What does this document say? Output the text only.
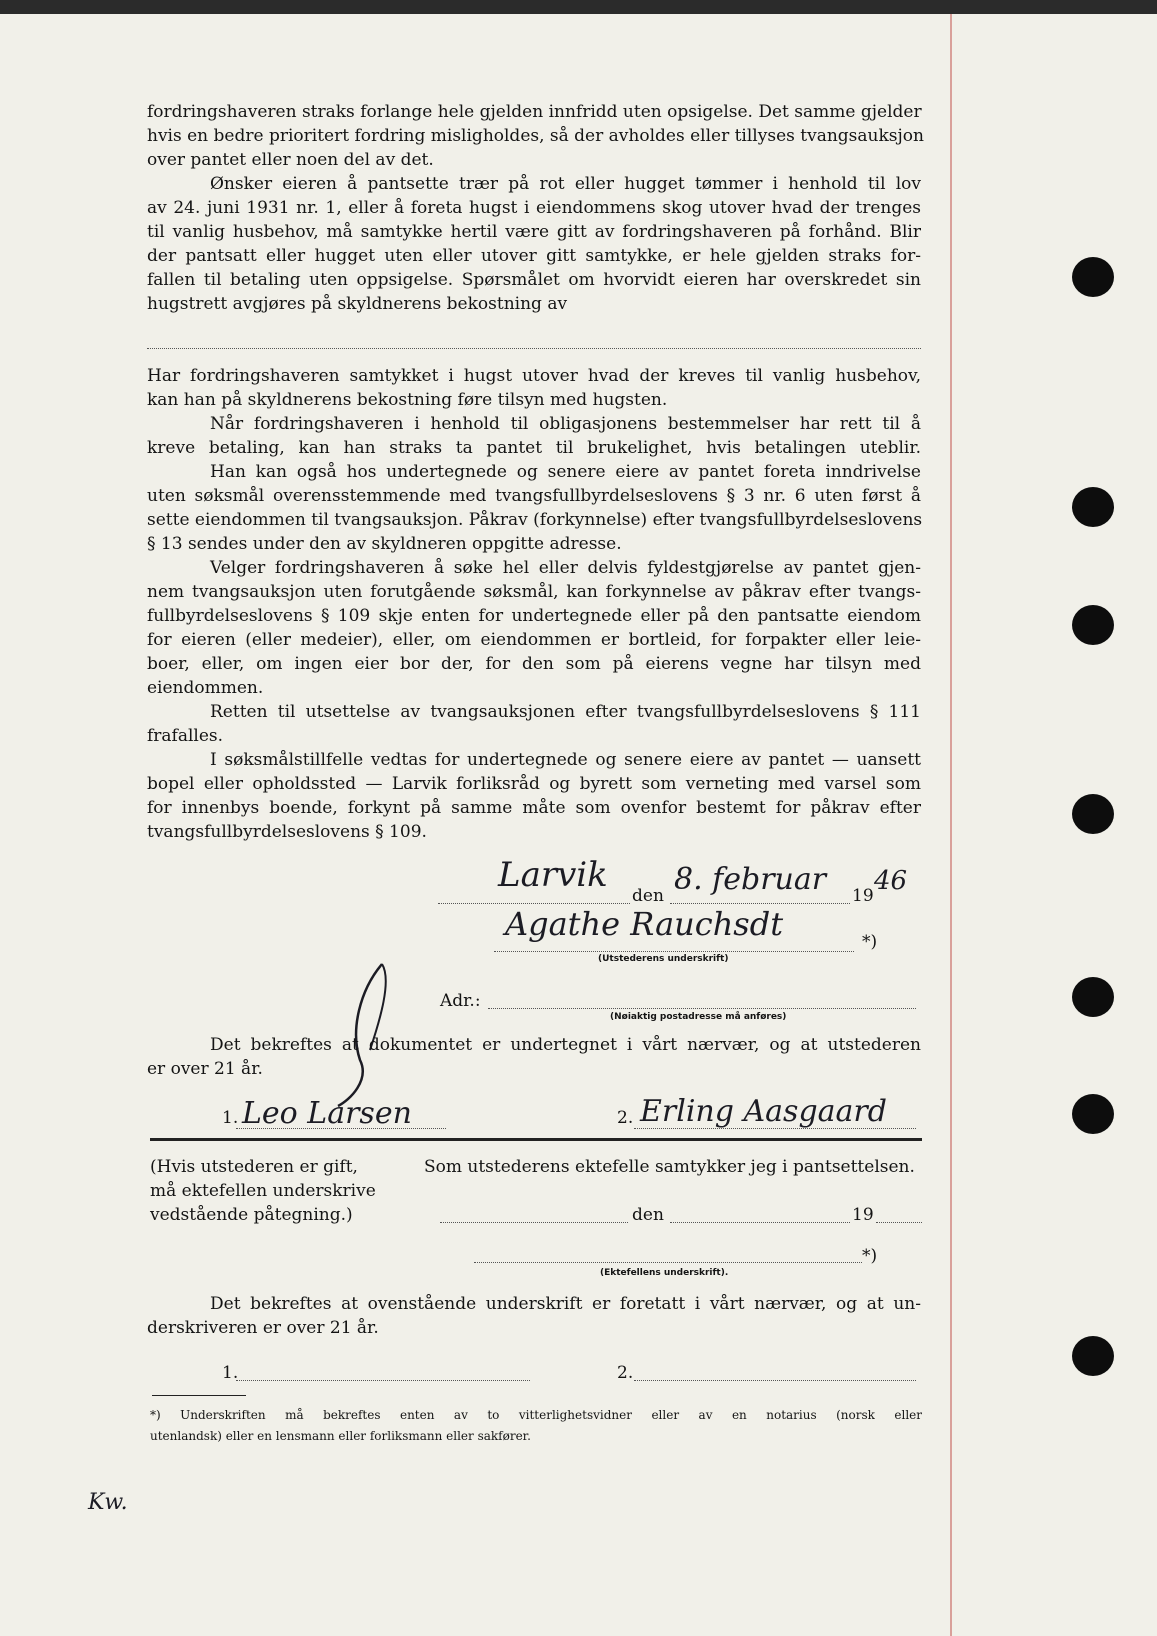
fordringshaveren straks forlange hele gjelden innfridd uten opsigelse. Det samme gjelder
hvis en bedre prioritert fordring misligholdes, så der avholdes eller tillyses tvangsauksjon
over pantet eller noen del av det.
Ønsker eieren å pantsette trær på rot eller hugget tømmer i henhold til lov
av 24. juni 1931 nr. 1, eller å foreta hugst i eiendommens skog utover hvad der trenges
til vanlig husbehov, må samtykke hertil være gitt av fordringshaveren på forhånd. Blir
der pantsatt eller hugget uten eller utover gitt samtykke, er hele gjelden straks for-
fallen til betaling uten oppsigelse. Spørsmålet om hvorvidt eieren har overskredet sin
hugstrett avgjøres på skyldnerens bekostning av
Har fordringshaveren samtykket i hugst utover hvad der kreves til vanlig husbehov,
kan han på skyldnerens bekostning føre tilsyn med hugsten.
Når fordringshaveren i henhold til obligasjonens bestemmelser har rett til å
kreve betaling, kan han straks ta pantet til brukelighet, hvis betalingen uteblir.
Han kan også hos undertegnede og senere eiere av pantet foreta inndrivelse
uten søksmål overensstemmende med tvangsfullbyrdelseslovens § 3 nr. 6 uten først å
sette eiendommen til tvangsauksjon. Påkrav (forkynnelse) efter tvangsfullbyrdelseslovens
§ 13 sendes under den av skyldneren oppgitte adresse.
Velger fordringshaveren å søke hel eller delvis fyldestgjørelse av pantet gjen-
nem tvangsauksjon uten forutgående søksmål, kan forkynnelse av påkrav efter tvangs-
fullbyrdelseslovens § 109 skje enten for undertegnede eller på den pantsatte eiendom
for eieren (eller medeier), eller, om eiendommen er bortleid, for forpakter eller leie-
boer, eller, om ingen eier bor der, for den som på eierens vegne har tilsyn med
eiendommen.
Retten til utsettelse av tvangsauksjonen efter tvangsfullbyrdelseslovens § 111
frafalles.
I søksmålstillfelle vedtas for undertegnede og senere eiere av pantet — uansett
bopel eller opholdssted — Larvik forliksråd og byrett som verneting med varsel som
for innenbys boende, forkynt på samme måte som ovenfor bestemt for påkrav efter
tvangsfullbyrdelseslovens § 109.
Larvik
den 8. februar 19 46
Agathe Rauchsdt	*)
(Utstederens underskrift)
Adr.:
(Nøiaktig postadresse må anføres)
Det bekreftes at dokumentet er undertegnet i vårt nærvær, og at utstederen
er over 21 år.
1. Leo Larsen	2. Erling Aasgaard
(Hvis utstederen er gift,
må ektefellen underskrive
vedstående påtegning.)
Som utstederens ektefelle samtykker jeg i pantsettelsen.
den	19
*)
(Ektefellens underskrift).
Det bekreftes at ovenstående underskrift er foretatt i vårt nærvær, og at un-
derskriveren er over 21 år.
1.	2.
*) Underskriften må bekreftes enten av to vitterlighetsvidner eller av en notarius (norsk eller
utenlandsk) eller en lensmann eller forliksmann eller sakfører.
Kw.
